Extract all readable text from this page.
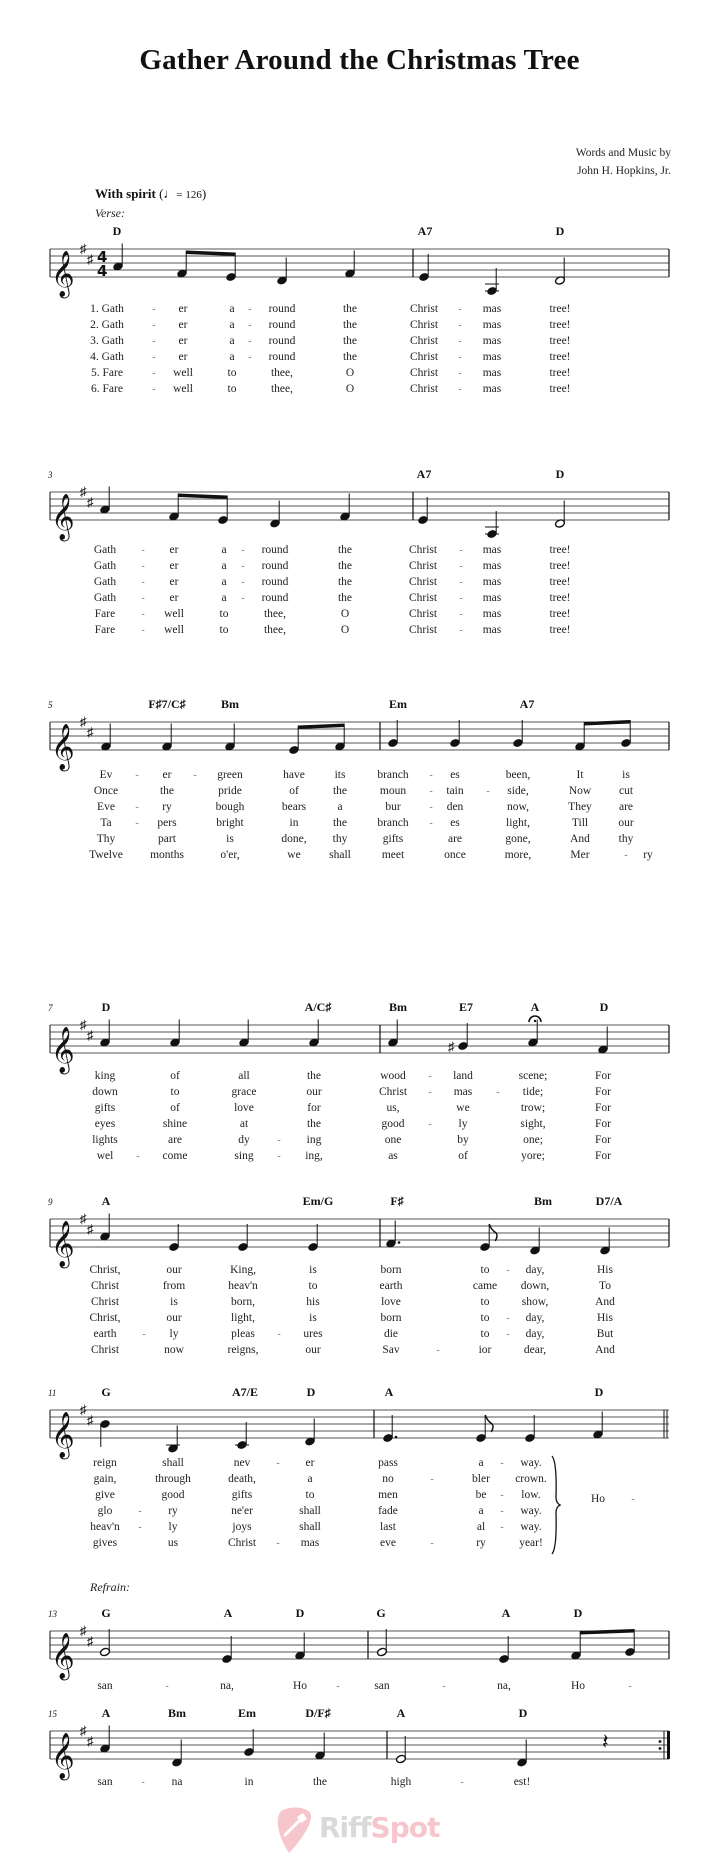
Gather Around the Christmas Tree
Words and Music by
John H. Hopkins, Jr.
With spirit (♩= 126)
Verse:
Refrain:
𝄞
♯
♯ 4
4
D	A7	D
1. Gath	- er	a - round	the	Christ - mas	tree!
2. Gath	- er	a - round	the	Christ - mas	tree!
3. Gath	- er	a - round	the	Christ - mas	tree!
4. Gath	- er	a - round	the	Christ - mas	tree!
5. Fare	- well	to	thee,	O	Christ - mas	tree!
6. Fare	- well	to	thee,	O	Christ - mas	tree!
3
𝄞
♯
♯
A7	D
Gath	- er	a - round	the	Christ - mas	tree!
Gath	- er	a - round	the	Christ - mas	tree!
Gath	- er	a - round	the	Christ - mas	tree!
Gath	- er	a - round	the	Christ - mas	tree!
Fare	- well	to	thee,	O	Christ - mas	tree!
Fare	- well	to	thee,	O	Christ - mas	tree!
5
𝄞
♯
♯
F♯7/C♯	Bm	Em	A7
Ev - er - green	have	its	branch - es	been,	It	is
Once	the	pride	of	the	moun - tain - side,	Now cut
Eve - ry	bough	bears	a	bur	- den	now,	They are
Ta - pers	bright	in	the	branch - es	light,	Till	our
Thy	part	is	done, thy	gifts	are	gone,	And thy
Twelve months	o'er,	we shall	meet	once	more,	Mer	- ry
7
𝄞
♯
♯
D	A/C♯	Bm	E7	A	D
♯
king	of	all	the	wood - land	scene;	For
down	to	grace	our	Christ - mas - tide;	For
gifts	of	love	for	us,	we	trow;	For
eyes	shine	at	the	good - ly	sight,	For
lights	are	dy	- ing	one	by	one;	For
wel - come	sing - ing,	as	of	yore;	For
9
𝄞
♯
♯
A	Em/G	F♯	Bm	D7/A
Christ,	our	King,	is	born	to - day,	His
Christ	from	heav'n	to	earth	came down,	To
Christ	is	born,	his	love	to	show,	And
Christ,	our	light,	is	born	to - day,	His
earth	- ly	pleas - ures	die	to - day,	But
Christ	now	reigns,	our	Sav	-	ior	dear,	And
11
𝄞
♯
♯
G	A7/E	D	A	D
reign	shall	nev	- er	pass	a - way.
gain,	through	death,	a	no	-	bler crown.
give	good	gifts	to	men	be - low.
glo	- ry	ne'er	shall	fade	a - way.
heav'n - ly	joys	shall	last	al - way.
gives	us	Christ - mas	eve	-	ry	year!
Ho	-
13
𝄞
♯
♯
G	A	D	G	A	D
san	-	na,	Ho	-	san	-	na,	Ho	-
15
𝄞
♯
♯
A	Bm	Em	D/F♯	A	D
𝄽
san	- na	in	the	high	-	est!
RiffSpot
